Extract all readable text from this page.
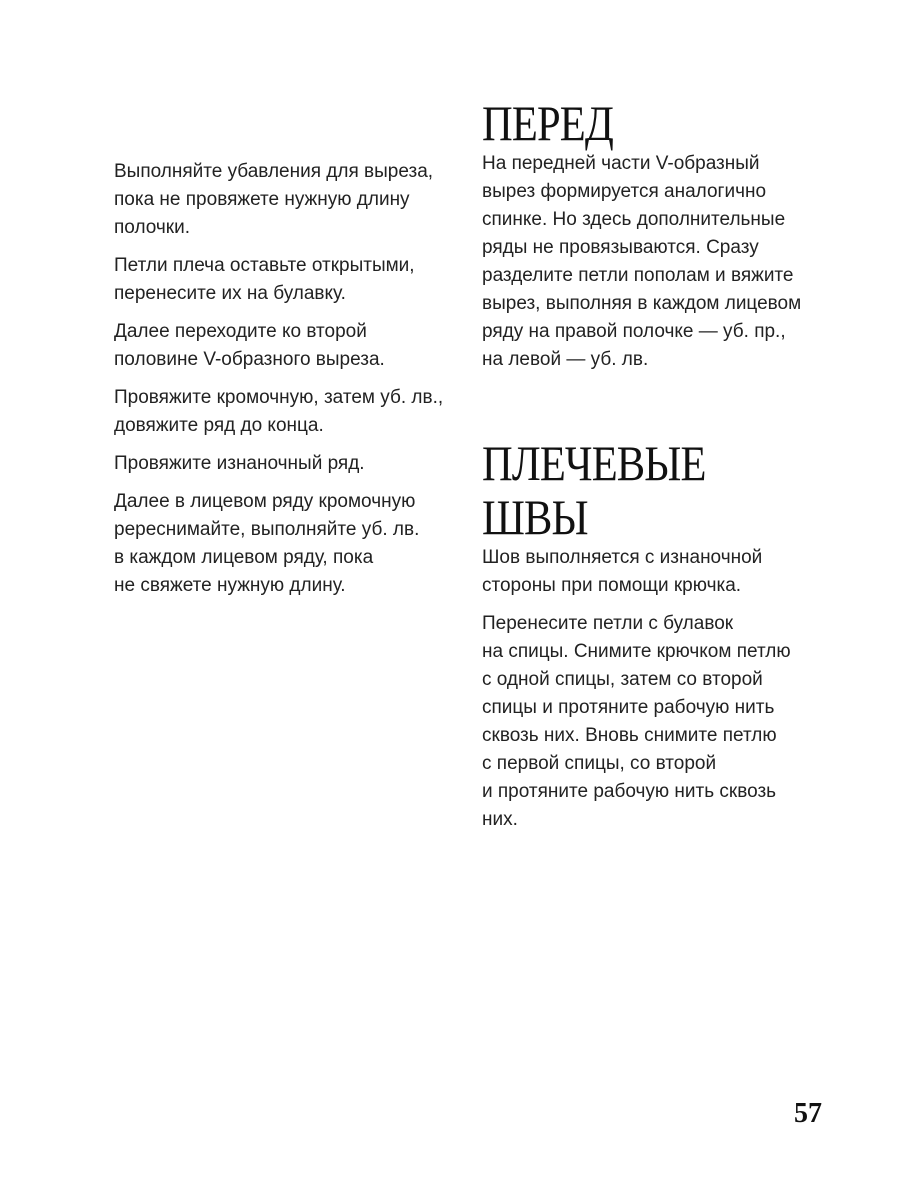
Выполняйте убавления для выреза,
пока не провяжете нужную длину
полочки.

Петли плеча оставьте открытыми,
перенесите их на булавку.

Далее переходите ко второй
половине V-образного выреза.

Провяжите кромочную, затем уб. лв.,
довяжите ряд до конца.

Провяжите изнаночный ряд.

Далее в лицевом ряду кромочную
pереснимайте, выполняйте уб. лв.
в каждом лицевом ряду, пока
не свяжете нужную длину.

ПЕРЕД

На передней части V-образный
вырез формируется аналогично
спинке. Но здесь дополнительные
ряды не провязываются. Сразу
разделите петли пополам и вяжите
вырез, выполняя в каждом лицевом
ряду на правой полочке — уб. пр.,
на левой — уб. лв.

ПЛЕЧЕВЫЕ
ШВЫ

Шов выполняется с изнаночной
стороны при помощи крючка.

Перенесите петли с булавок
на спицы. Снимите крючком петлю
с одной спицы, затем со второй
спицы и протяните рабочую нить
сквозь них. Вновь снимите петлю
с первой спицы, со второй
и протяните рабочую нить сквозь
них.

57
